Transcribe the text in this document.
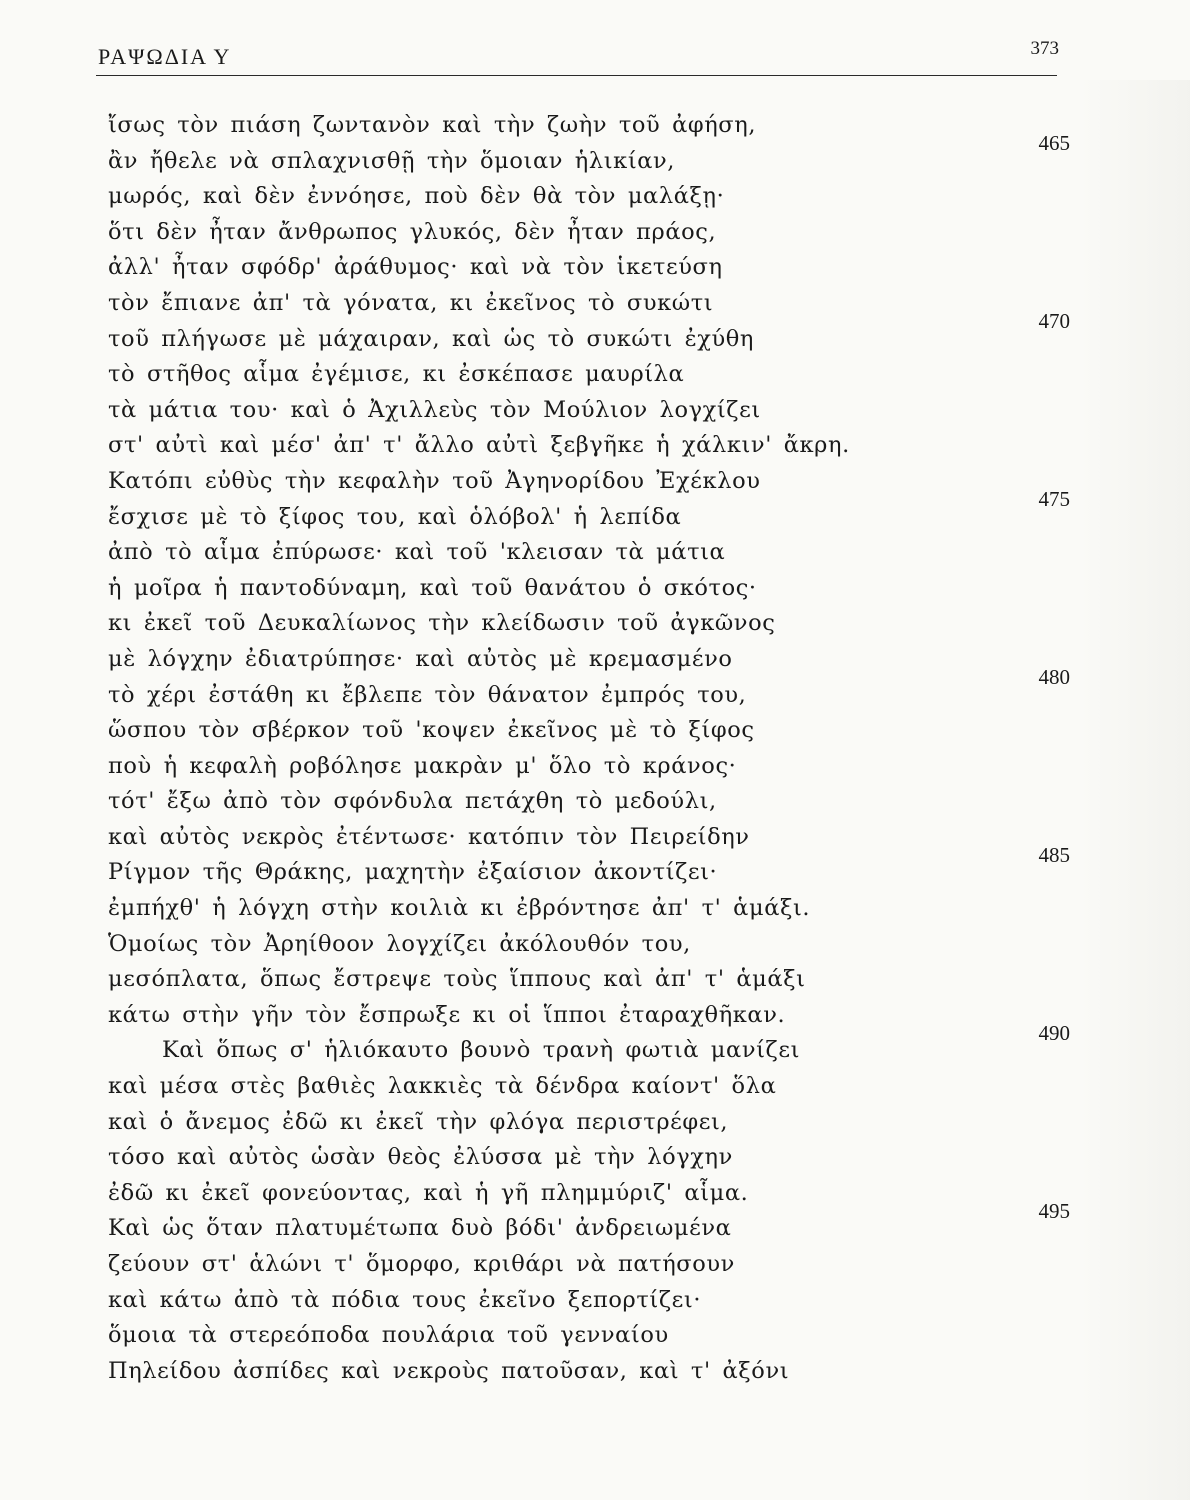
ΡΑΨΩΔΙΑ Υ	373
ἴσως τὸν πιάση ζωντανὸν καὶ τὴν ζωὴν τοῦ ἀφήση,
ἂν ἤθελε νὰ σπλαχνισθῇ τὴν ὅμοιαν ἡλικίαν,
μωρός, καὶ δὲν ἐννόησε, ποὺ δὲν θὰ τὸν μαλάξῃ·
ὅτι δὲν ἦταν ἄνθρωπος γλυκός, δὲν ἦταν πράος,
ἀλλ' ἦταν σφόδρ' ἀράθυμος· καὶ νὰ τὸν ἱκετεύση
τὸν ἔπιανε ἀπ' τὰ γόνατα, κι ἐκεῖνος τὸ συκώτι
τοῦ πλήγωσε μὲ μάχαιραν, καὶ ὡς τὸ συκώτι ἐχύθη
τὸ στῆθος αἷμα ἐγέμισε, κι ἐσκέπασε μαυρίλα
τὰ μάτια του· καὶ ὁ Ἀχιλλεὺς τὸν Μούλιον λογχίζει
στ' αὐτὶ καὶ μέσ' ἀπ' τ' ἄλλο αὐτὶ ξεβγῆκε ἡ χάλκιν' ἄκρη.
Κατόπι εὐθὺς τὴν κεφαλὴν τοῦ Ἀγηνορίδου Ἐχέκλου
ἔσχισε μὲ τὸ ξίφος του, καὶ ὁλόβολ' ἡ λεπίδα
ἀπὸ τὸ αἷμα ἐπύρωσε· καὶ τοῦ 'κλεισαν τὰ μάτια
ἡ μοῖρα ἡ παντοδύναμη, καὶ τοῦ θανάτου ὁ σκότος·
κι ἐκεῖ τοῦ Δευκαλίωνος τὴν κλείδωσιν τοῦ ἀγκῶνος
μὲ λόγχην ἐδιατρύπησε· καὶ αὐτὸς μὲ κρεμασμένο
τὸ χέρι ἐστάθη κι ἔβλεπε τὸν θάνατον ἐμπρός του,
ὥσπου τὸν σβέρκον τοῦ 'κοψεν ἐκεῖνος μὲ τὸ ξίφος
ποὺ ἡ κεφαλὴ ροβόλησε μακρὰν μ' ὅλο τὸ κράνος·
τότ' ἔξω ἀπὸ τὸν σφόνδυλα πετάχθη τὸ μεδούλι,
καὶ αὐτὸς νεκρὸς ἐτέντωσε· κατόπιν τὸν Πειρείδην
Ρίγμον τῆς Θράκης, μαχητὴν ἐξαίσιον ἀκοντίζει·
ἐμπήχθ' ἡ λόγχη στὴν κοιλιὰ κι ἐβρόντησε ἀπ' τ' ἁμάξι.
Ὁμοίως τὸν Ἀρηίθοον λογχίζει ἀκόλουθόν του,
μεσόπλατα, ὅπως ἔστρεψε τοὺς ἵππους καὶ ἀπ' τ' ἁμάξι
κάτω στὴν γῆν τὸν ἔσπρωξε κι οἱ ἵπποι ἐταραχθῆκαν.
Καὶ ὅπως σ' ἡλιόκαυτο βουνὸ τρανὴ φωτιὰ μανίζει
καὶ μέσα στὲς βαθιὲς λακκιὲς τὰ δένδρα καίοντ' ὅλα
καὶ ὁ ἄνεμος ἐδῶ κι ἐκεῖ τὴν φλόγα περιστρέφει,
τόσο καὶ αὐτὸς ὡσὰν θεὸς ἐλύσσα μὲ τὴν λόγχην
ἐδῶ κι ἐκεῖ φονεύοντας, καὶ ἡ γῆ πλημμύριζ' αἷμα.
Καὶ ὡς ὅταν πλατυμέτωπα δυὸ βόδι' ἀνδρειωμένα
ζεύουν στ' ἁλώνι τ' ὅμορφο, κριθάρι νὰ πατήσουν
καὶ κάτω ἀπὸ τὰ πόδια τους ἐκεῖνο ξεπορτίζει·
ὅμοια τὰ στερεόποδα πουλάρια τοῦ γενναίου
Πηλείδου ἀσπίδες καὶ νεκροὺς πατοῦσαν, καὶ τ' ἀξόνι
465
470
475
480
485
490
495
